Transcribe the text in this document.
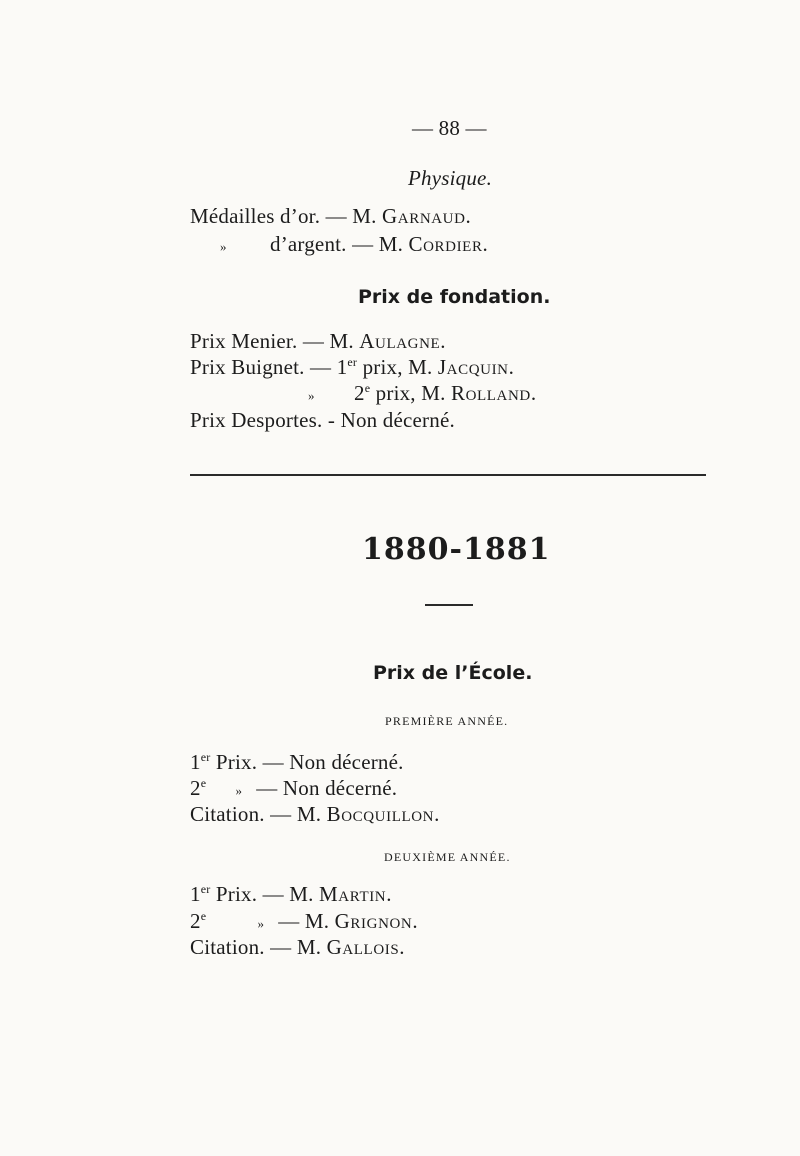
— 88 —
Physique.
Médailles d’or. — M. Garnaud.
» d’argent. — M. Cordier.
Prix de fondation.
Prix Menier. — M. Aulagne.
Prix Buignet. — 1er prix, M. Jacquin.
» 2e prix, M. Rolland.
Prix Desportes. - Non décerné.
1880-1881
Prix de l’École.
PREMIÈRE ANNÉE.
1er Prix. — Non décerné.
2e » — Non décerné.
Citation. — M. Bocquillon.
DEUXIÈME ANNÉE.
1er Prix. — M. Martin.
2e	» — M. Grignon.
Citation. — M. Gallois.
